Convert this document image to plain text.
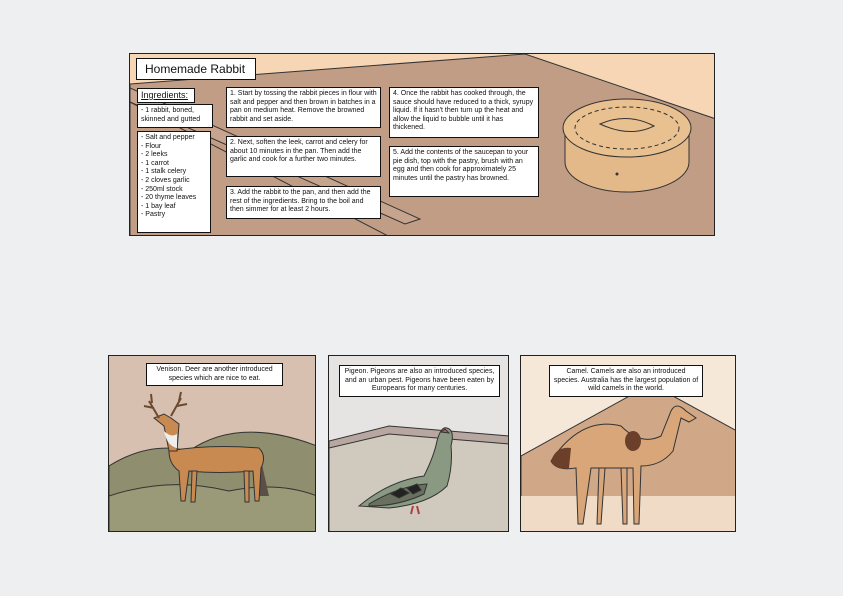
Homemade Rabbit
Ingredients:
- 1 rabbit, boned, skinned and gutted
- Salt and pepper
- Flour
- 2 leeks
- 1 carrot
- 1 stalk celery
- 2 cloves garlic
- 250ml stock
- 20 thyme leaves
- 1 bay leaf
- Pastry
1. Start by tossing the rabbit pieces in flour with salt and pepper and then brown in batches in a pan on medium heat. Remove the browned rabbit and set aside.
2. Next, soften the leek, carrot and celery for about 10 minutes in the pan. Then add the garlic and cook for a further two minutes.
3. Add the rabbit to the pan, and then add the rest of the ingredients. Bring to the boil and then simmer for at least 2 hours.
4. Once the rabbit has cooked through, the sauce should have reduced to a thick, syrupy liquid. If it hasn't then turn up the heat and allow the liquid to bubble until it has thickened.
5. Add the contents of the saucepan to your pie dish, top with the pastry, brush with an egg and then cook for approximately 25 minutes until the pastry has browned.
Venison. Deer are another introduced species which are nice to eat.
Pigeon. Pigeons are also an introduced species, and an urban pest. Pigeons have been eaten by Europeans for many centuries.
Camel. Camels are also an introduced species. Australia has the largest population of wild camels in the world.
